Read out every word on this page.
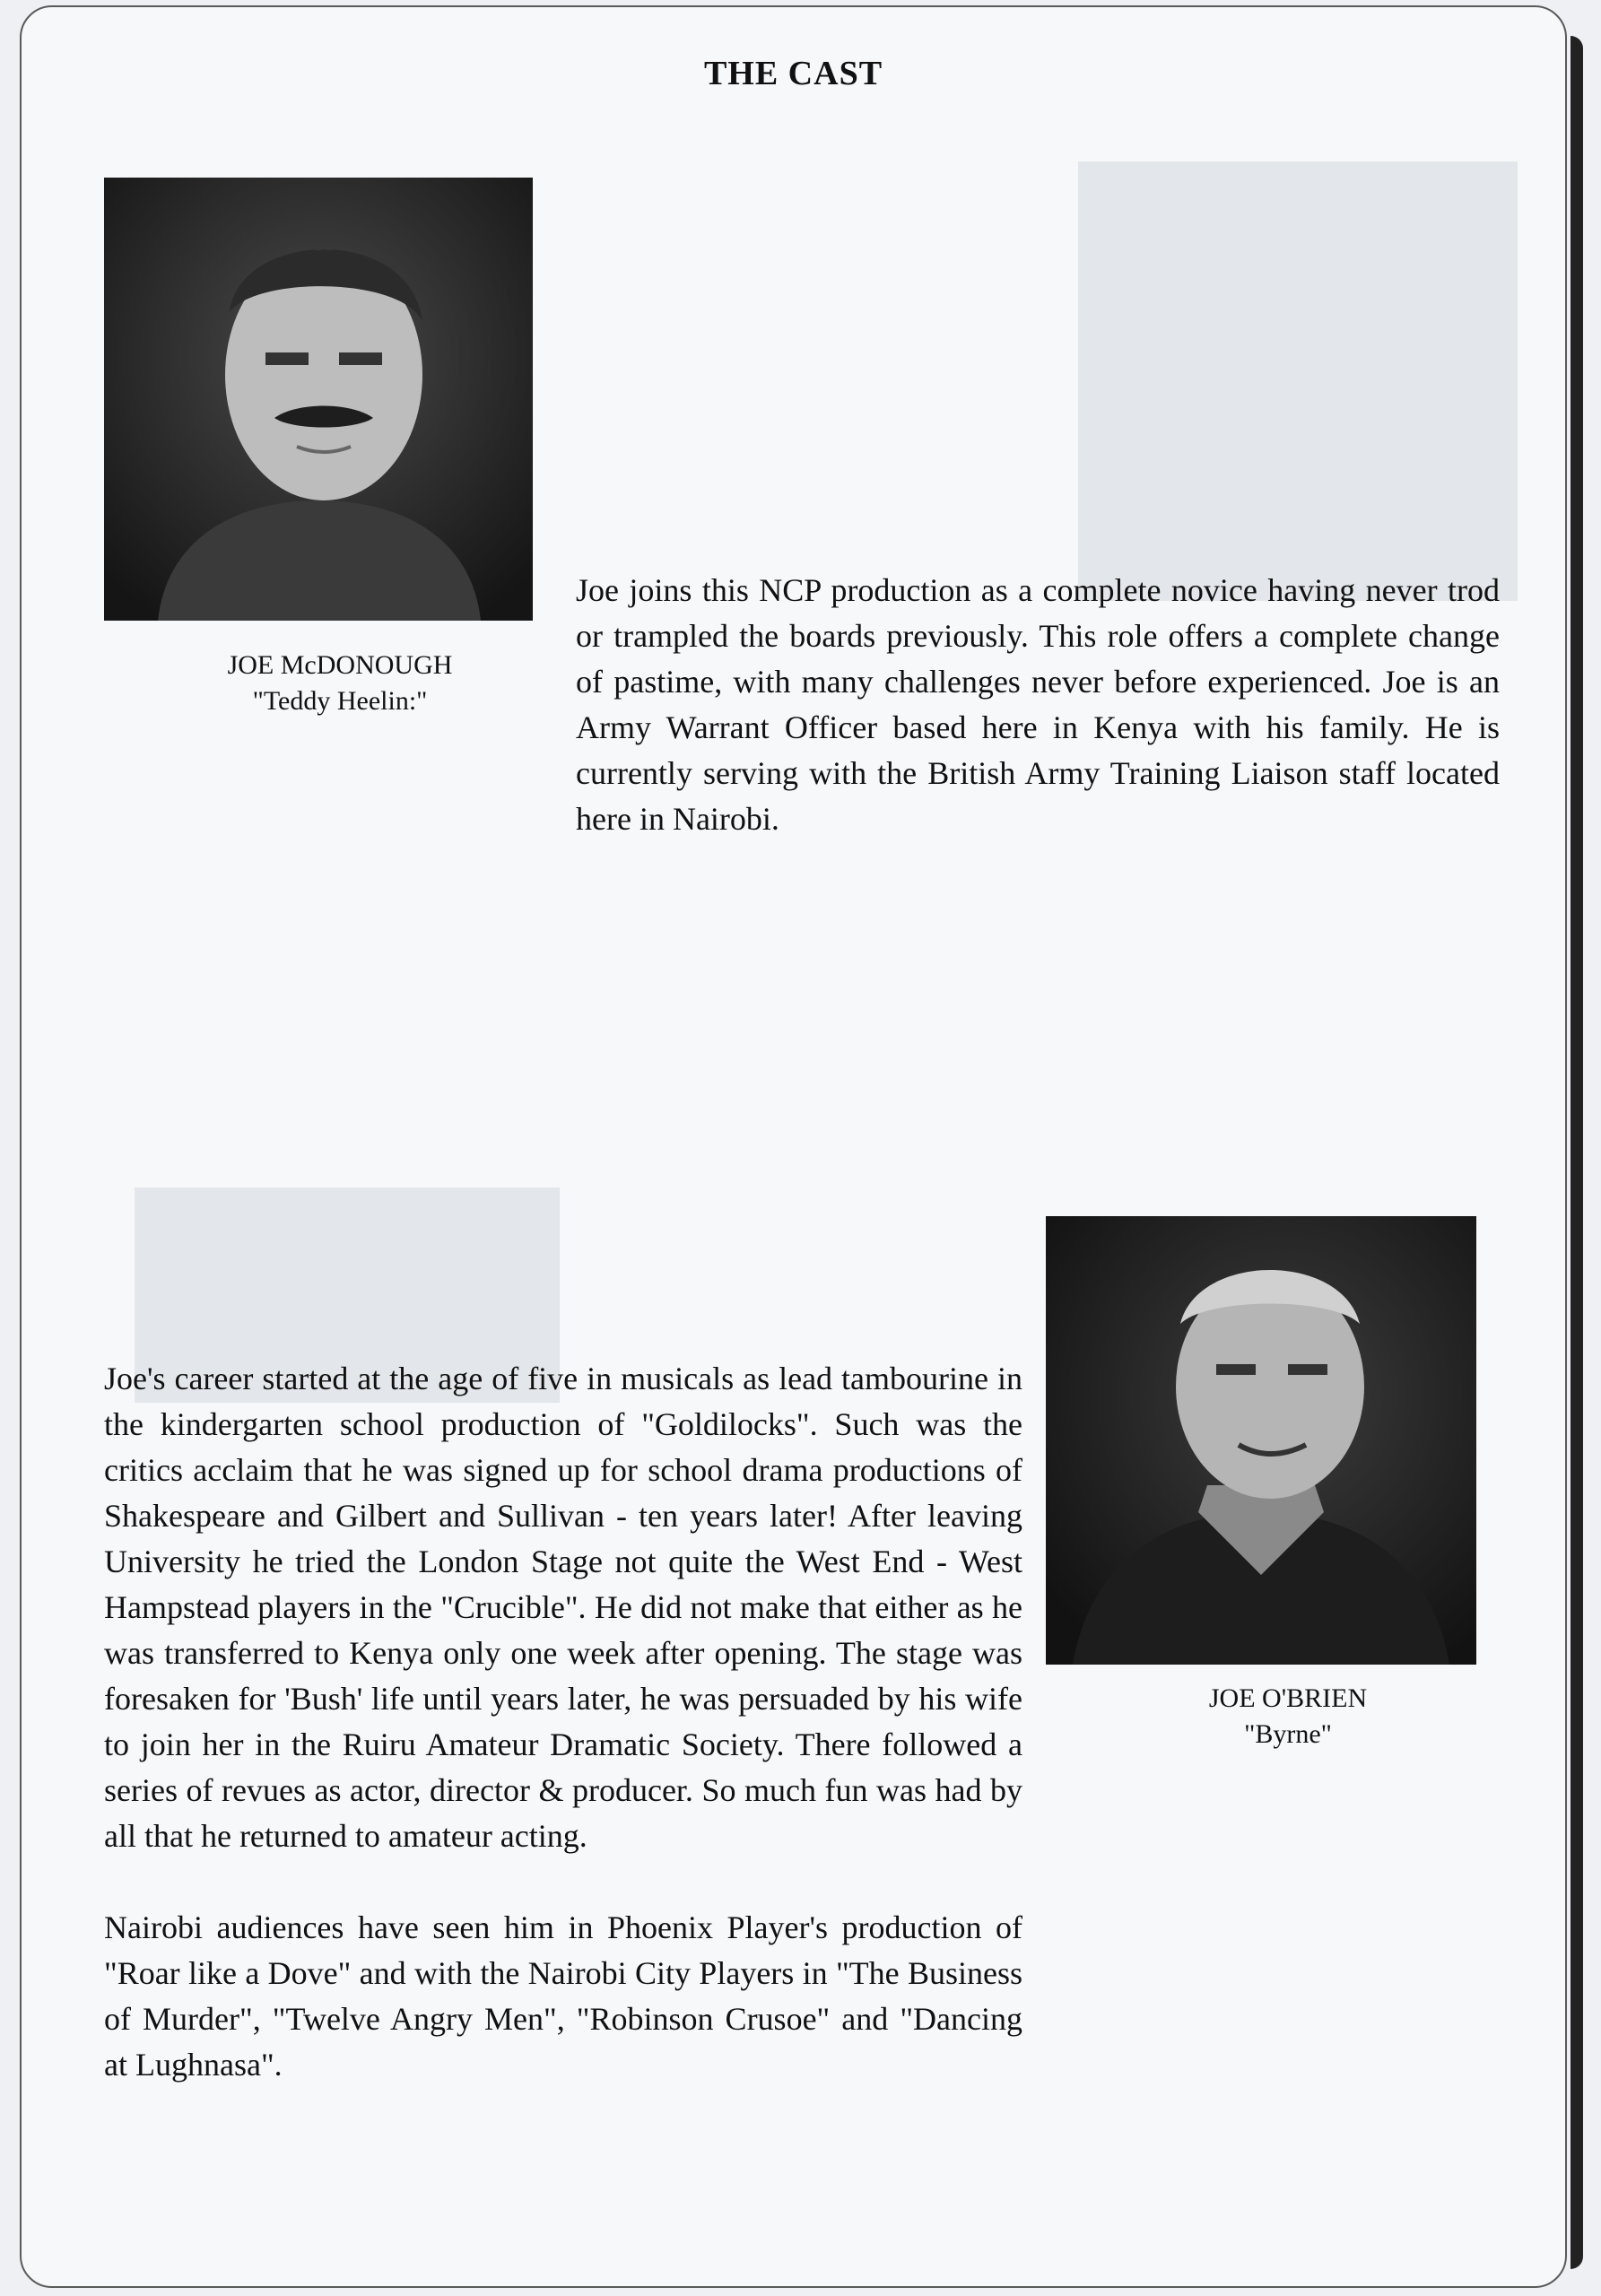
THE CAST
JOE McDONOUGH
"Teddy Heelin:"

Joe joins this NCP production as a complete novice having never trod or trampled the boards previously. This role offers a complete change of pastime, with many challenges never before experienced. Joe is an Army Warrant Officer based here in Kenya with his family. He is currently serving with the British Army Training Liaison staff located here in Nairobi.

JOE O'BRIEN
"Byrne"

Joe's career started at the age of five in musicals as lead tambourine in the kindergarten school production of "Goldilocks". Such was the critics acclaim that he was signed up for school drama productions of Shakespeare and Gilbert and Sullivan - ten years later! After leaving University he tried the London Stage not quite the West End - West Hampstead players in the "Crucible". He did not make that either as he was transferred to Kenya only one week after opening. The stage was foresaken for 'Bush' life until years later, he was persuaded by his wife to join her in the Ruiru Amateur Dramatic Society. There followed a series of revues as actor, director & producer. So much fun was had by all that he returned to amateur acting.

Nairobi audiences have seen him in Phoenix Player's production of "Roar like a Dove" and with the Nairobi City Players in "The Business of Murder", "Twelve Angry Men", "Robinson Crusoe" and "Dancing at Lughnasa".
